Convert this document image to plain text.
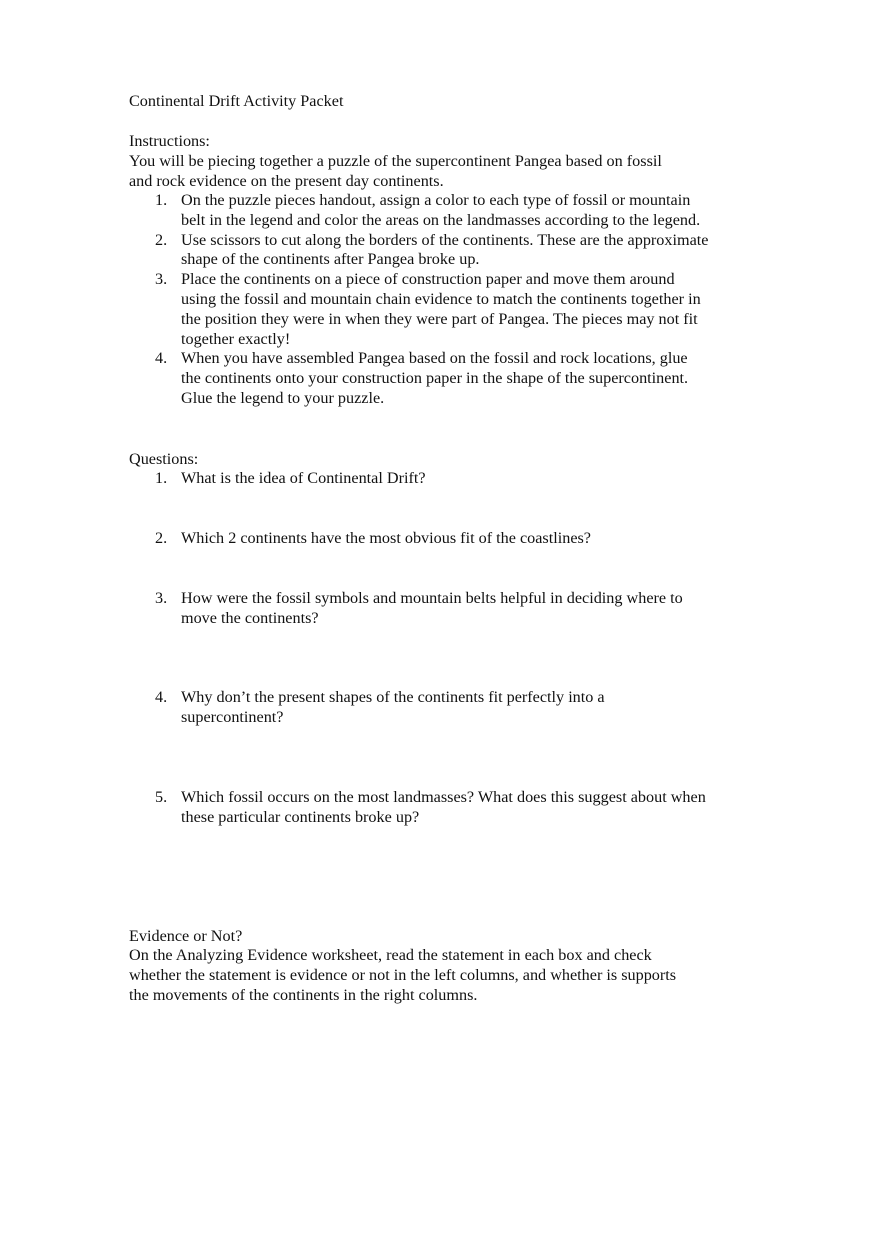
Continental Drift Activity Packet
Instructions:
You will be piecing together a puzzle of the supercontinent Pangea based on fossil and rock evidence on the present day continents.
1. On the puzzle pieces handout, assign a color to each type of fossil or mountain belt in the legend and color the areas on the landmasses according to the legend.
2. Use scissors to cut along the borders of the continents. These are the approximate shape of the continents after Pangea broke up.
3. Place the continents on a piece of construction paper and move them around using the fossil and mountain chain evidence to match the continents together in the position they were in when they were part of Pangea. The pieces may not fit together exactly!
4. When you have assembled Pangea based on the fossil and rock locations, glue the continents onto your construction paper in the shape of the supercontinent. Glue the legend to your puzzle.
Questions:
1. What is the idea of Continental Drift?
2. Which 2 continents have the most obvious fit of the coastlines?
3. How were the fossil symbols and mountain belts helpful in deciding where to move the continents?
4. Why don’t the present shapes of the continents fit perfectly into a supercontinent?
5. Which fossil occurs on the most landmasses? What does this suggest about when these particular continents broke up?
Evidence or Not?
On the Analyzing Evidence worksheet, read the statement in each box and check whether the statement is evidence or not in the left columns, and whether is supports the movements of the continents in the right columns.
